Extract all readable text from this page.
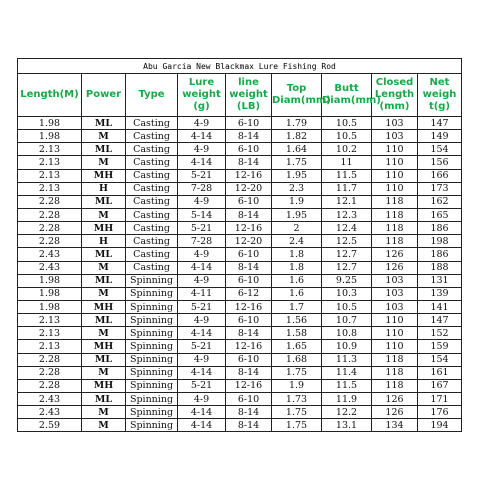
Abu Garcia New Blackmax Lure Fishing Rod								
Length(M)	Power	Type	Lure weight (g)	line weight (LB)	Top Diam(mm)	Butt Diam(mm)	Closed Length (mm)	Net weigh t(g)
1.98	ML	Casting	4-9	6-10	1.79	10.5	103	147
1.98	M	Casting	4-14	8-14	1.82	10.5	103	149
2.13	ML	Casting	4-9	6-10	1.64	10.2	110	154
2.13	M	Casting	4-14	8-14	1.75	11	110	156
2.13	MH	Casting	5-21	12-16	1.95	11.5	110	166
2.13	H	Casting	7-28	12-20	2.3	11.7	110	173
2.28	ML	Casting	4-9	6-10	1.9	12.1	118	162
2.28	M	Casting	5-14	8-14	1.95	12.3	118	165
2.28	MH	Casting	5-21	12-16	2	12.4	118	186
2.28	H	Casting	7-28	12-20	2.4	12.5	118	198
2.43	ML	Casting	4-9	6-10	1.8	12.7	126	186
2.43	M	Casting	4-14	8-14	1.8	12.7	126	188
1.98	ML	Spinning	4-9	6-10	1.6	9.25	103	131
1.98	M	Spinning	4-11	6-12	1.6	10.3	103	139
1.98	MH	Spinning	5-21	12-16	1.7	10.5	103	141
2.13	ML	Spinning	4-9	6-10	1.56	10.7	110	147
2.13	M	Spinning	4-14	8-14	1.58	10.8	110	152
2.13	MH	Spinning	5-21	12-16	1.65	10.9	110	159
2.28	ML	Spinning	4-9	6-10	1.68	11.3	118	154
2.28	M	Spinning	4-14	8-14	1.75	11.4	118	161
2.28	MH	Spinning	5-21	12-16	1.9	11.5	118	167
2.43	ML	Spinning	4-9	6-10	1.73	11.9	126	171
2.43	M	Spinning	4-14	8-14	1.75	12.2	126	176
2.59	M	Spinning	4-14	8-14	1.75	13.1	134	194
